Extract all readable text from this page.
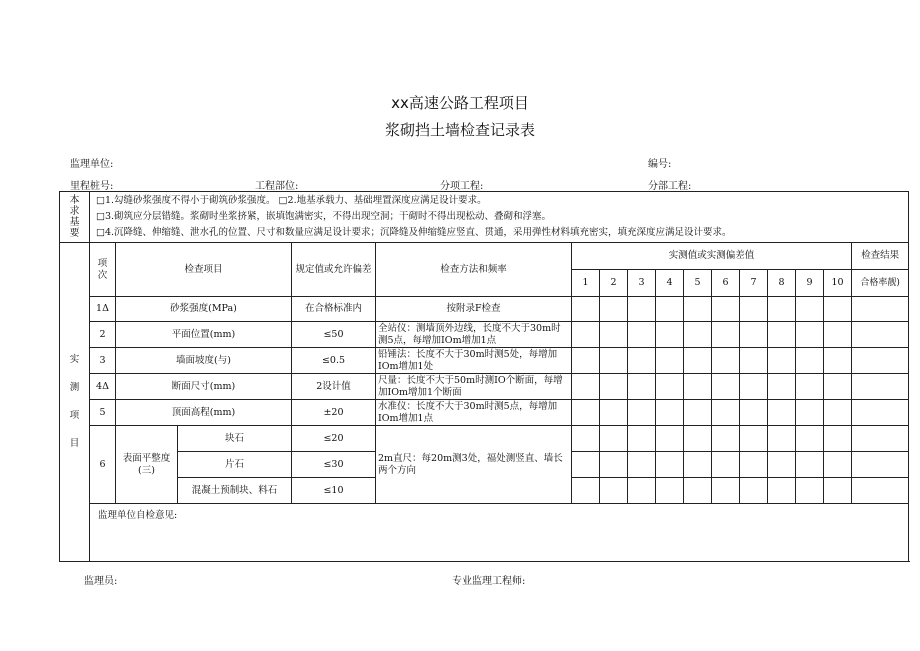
xx高速公路工程项目
浆砌挡土墙检查记录表
监理单位:	编号:
里程桩号:	工程部位:	分项工程:	分部工程:
本求基要	□1.勾缝砂浆强度不得小于砌筑砂浆强度。 □2.地基承载力、基础埋置深度应满足设计要求。
□3.砌筑应分层错缝。浆砌时坐浆挤紧，嵌填饱满密实，不得出现空洞；干砌时不得出现松动、叠砌和浮塞。
□4.沉降缝、伸缩缝、泄水孔的位置、尺寸和数量应满足设计要求；沉降缝及伸缩缝应竖直、贯通，采用弹性材料填充密实，填充深度应满足设计要求。															

实
测
项
目	项次	检查项目		规定值或允许偏差	检查方法和频率	实测值或实测偏差值										检查结果
						1	2	3	4	5	6	7	8	9	10	合格率靓)
	1Δ	砂浆强度(MPa)		在合格标准内	按附录F检查											
	2	平面位置(mm)		≤50	全站仪：测墙顶外边线，长度不大于30m时测5点，每增加IOm增加1点											
	3	墙面坡度(与)		≤0.5	铅锤法：长度不大于30m时测5处，每增加IOm增加1处											
	4Δ	断面尺寸(mm)		2设计值	尺量：长度不大于50m时测IO个断面，每增加IOm增加1个断面											
	5	顶面高程(mm)		±20	水准仪：长度不大于30m时测5点，每增加IOm增加1点											
	6	表面平整度(三)	块石	≤20	2m直尺：每20m测3处，福处测竖直、墙长两个方向											
			片石	≤30												
			混凝土预制块、料石	≤10												
	监理单位自检意见:															
监理员:	专业监理工程师:
